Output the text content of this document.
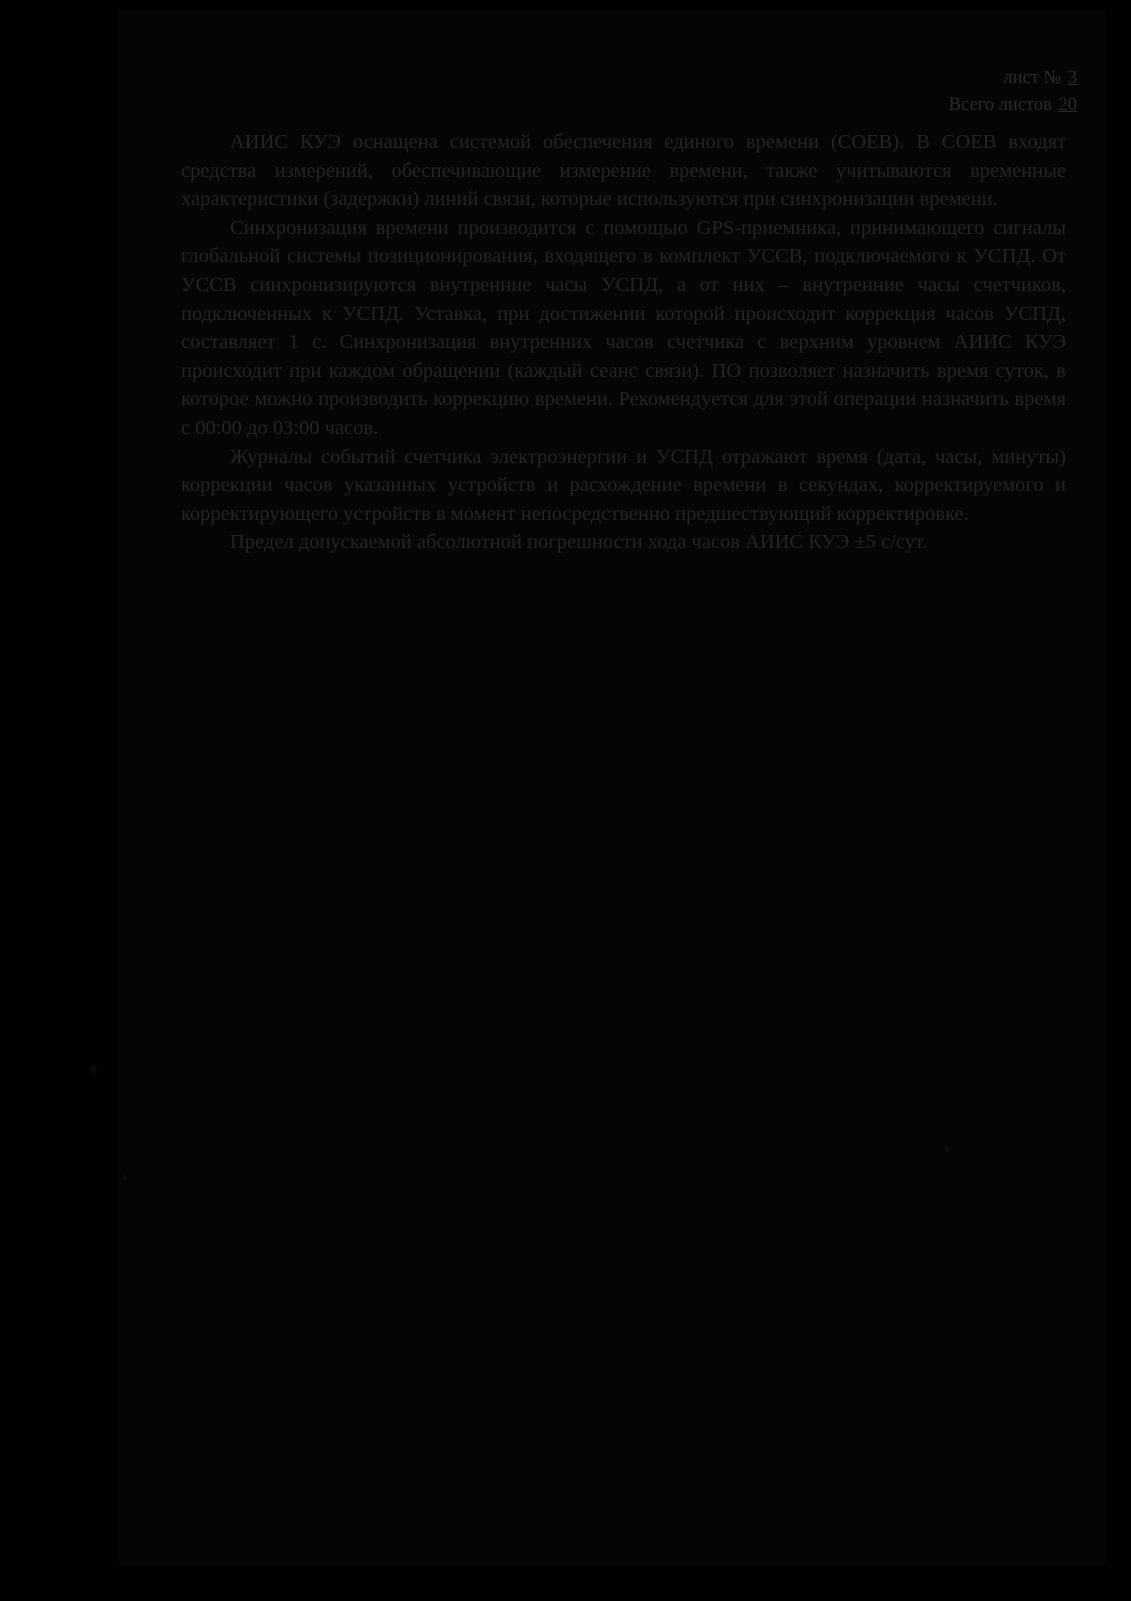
лист № 3
Всего листов 20

АИИС КУЭ оснащена системой обеспечения единого времени (СОЕВ). В СОЕВ входят средства измерений, обеспечивающие измерение времени, также учитываются временные характеристики (задержки) линий связи, которые используются при синхронизации времени.

Синхронизация времени производится с помощью GPS-приемника, принимающего сигналы глобальной системы позиционирования, входящего в комплект УССВ, подключаемого к УСПД. От УССВ синхронизируются внутренние часы УСПД, а от них – внутренние часы счетчиков, подключенных к УСПД. Уставка, при достижении которой происходит коррекция часов УСПД, составляет 1 с. Синхронизация внутренних часов счетчика с верхним уровнем АИИС КУЭ происходит при каждом обращении (каждый сеанс связи). ПО позволяет назначить время суток, в которое можно производить коррекцию времени. Рекомендуется для этой операции назначить время с 00:00 до 03:00 часов.

Журналы событий счетчика электроэнергии и УСПД отражают время (дата, часы, минуты) коррекции часов указанных устройств и расхождение времени в секундах, корректируемого и корректирующего устройств в момент непосредственно предшествующий корректировке.

Предел допускаемой абсолютной погрешности хода часов АИИС КУЭ ±5 с/сут.
